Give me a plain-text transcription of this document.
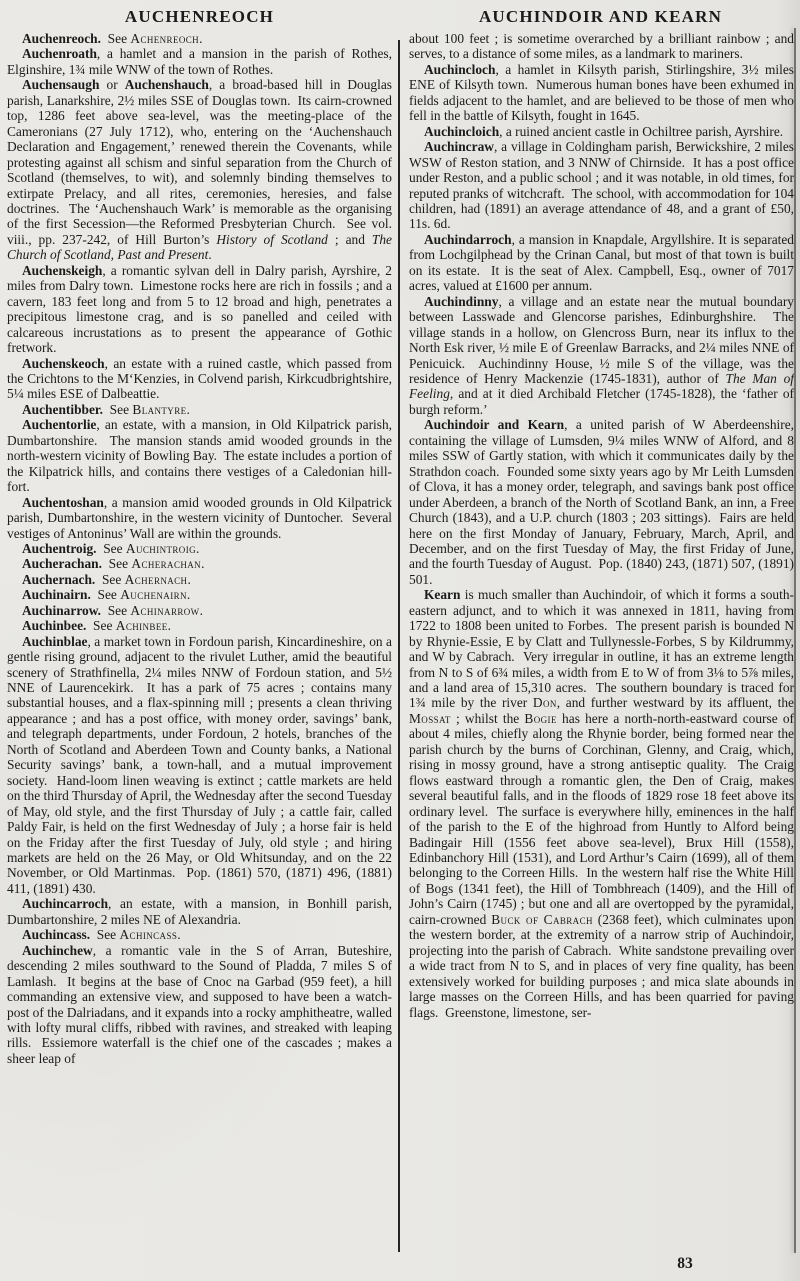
AUCHENREOCH	AUCHINDOIR AND KEARN

Auchenreoch.  See Achenreoch.

Auchenroath, a hamlet and a mansion in the parish of Rothes, Elginshire, 1¾ mile WNW of the town of Rothes.

Auchensaugh or Auchenshauch, a broad-based hill in Douglas parish, Lanarkshire, 2½ miles SSE of Douglas town.  Its cairn-crowned top, 1286 feet above sea-level, was the meeting-place of the Cameronians (27 July 1712), who, entering on the ‘Auchenshauch Declaration and Engagement,’ renewed therein the Covenants, while protesting against all schism and sinful separation from the Church of Scotland (themselves, to wit), and solemnly binding themselves to extirpate Prelacy, and all rites, ceremonies, heresies, and false doctrines.  The ‘Auchenshauch Wark’ is memorable as the organising of the first Secession—the Reformed Presbyterian Church.  See vol. viii., pp. 237-242, of Hill Burton’s History of Scotland ; and The Church of Scotland, Past and Present.

Auchenskeigh, a romantic sylvan dell in Dalry parish, Ayrshire, 2 miles from Dalry town.  Limestone rocks here are rich in fossils ; and a cavern, 183 feet long and from 5 to 12 broad and high, penetrates a precipitous limestone crag, and is so panelled and ceiled with calcareous incrustations as to present the appearance of Gothic fretwork.

Auchenskeoch, an estate with a ruined castle, which passed from the Crichtons to the M‘Kenzies, in Colvend parish, Kirkcudbrightshire, 5¼ miles ESE of Dalbeattie.

Auchentibber.  See Blantyre.

Auchentorlie, an estate, with a mansion, in Old Kilpatrick parish, Dumbartonshire.  The mansion stands amid wooded grounds in the north-western vicinity of Bowling Bay.  The estate includes a portion of the Kilpatrick hills, and contains there vestiges of a Caledonian hill-fort.

Auchentoshan, a mansion amid wooded grounds in Old Kilpatrick parish, Dumbartonshire, in the western vicinity of Duntocher.  Several vestiges of Antoninus’ Wall are within the grounds.

Auchentroig.  See Auchintroig.

Aucherachan.  See Acherachan.

Auchernach.  See Achernach.

Auchinairn.  See Auchenairn.

Auchinarrow.  See Achinarrow.

Auchinbee.  See Achinbee.

Auchinblae, a market town in Fordoun parish, Kincardineshire, on a gentle rising ground, adjacent to the rivulet Luther, amid the beautiful scenery of Strathfinella, 2¼ miles NNW of Fordoun station, and 5½ NNE of Laurencekirk.  It has a park of 75 acres ; contains many substantial houses, and a flax-spinning mill ; presents a clean thriving appearance ; and has a post office, with money order, savings’ bank, and telegraph departments, under Fordoun, 2 hotels, branches of the North of Scotland and Aberdeen Town and County banks, a National Security savings’ bank, a town-hall, and a mutual improvement society.  Hand-loom linen weaving is extinct ; cattle markets are held on the third Thursday of April, the Wednesday after the second Tuesday of May, old style, and the first Thursday of July ; a cattle fair, called Paldy Fair, is held on the first Wednesday of July ; a horse fair is held on the Friday after the first Tuesday of July, old style ; and hiring markets are held on the 26 May, or Old Whitsunday, and on the 22 November, or Old Martinmas.  Pop. (1861) 570, (1871) 496, (1881) 411, (1891) 430.

Auchincarroch, an estate, with a mansion, in Bonhill parish, Dumbartonshire, 2 miles NE of Alexandria.

Auchincass.  See Achincass.

Auchinchew, a romantic vale in the S of Arran, Buteshire, descending 2 miles southward to the Sound of Pladda, 7 miles S of Lamlash.  It begins at the base of Cnoc na Garbad (959 feet), a hill commanding an extensive view, and supposed to have been a watch-post of the Dalriadans, and it expands into a rocky amphitheatre, walled with lofty mural cliffs, ribbed with ravines, and streaked with leaping rills.  Essiemore waterfall is the chief one of the cascades ; makes a sheer leap of

about 100 feet ; is sometime overarched by a brilliant rainbow ; and serves, to a distance of some miles, as a landmark to mariners.

Auchincloch, a hamlet in Kilsyth parish, Stirlingshire, 3½ miles ENE of Kilsyth town.  Numerous human bones have been exhumed in fields adjacent to the hamlet, and are believed to be those of men who fell in the battle of Kilsyth, fought in 1645.

Auchincloich, a ruined ancient castle in Ochiltree parish, Ayrshire.

Auchincraw, a village in Coldingham parish, Berwickshire, 2 miles WSW of Reston station, and 3 NNW of Chirnside.  It has a post office under Reston, and a public school ; and it was notable, in old times, for reputed pranks of witchcraft.  The school, with accommodation for 104 children, had (1891) an average attendance of 48, and a grant of £50, 11s. 6d.

Auchindarroch, a mansion in Knapdale, Argyllshire. It is separated from Lochgilphead by the Crinan Canal, but most of that town is built on its estate.  It is the seat of Alex. Campbell, Esq., owner of 7017 acres, valued at £1600 per annum.

Auchindinny, a village and an estate near the mutual boundary between Lasswade and Glencorse parishes, Edinburghshire.  The village stands in a hollow, on Glencross Burn, near its influx to the North Esk river, ½ mile E of Greenlaw Barracks, and 2¼ miles NNE of Penicuick.  Auchindinny House, ½ mile S of the village, was the residence of Henry Mackenzie (1745-1831), author of The Man of Feeling, and at it died Archibald Fletcher (1745-1828), the ‘father of burgh reform.’

Auchindoir and Kearn, a united parish of W Aberdeenshire, containing the village of Lumsden, 9¼ miles WNW of Alford, and 8 miles SSW of Gartly station, with which it communicates daily by the Strathdon coach.  Founded some sixty years ago by Mr Leith Lumsden of Clova, it has a money order, telegraph, and savings bank post office under Aberdeen, a branch of the North of Scotland Bank, an inn, a Free Church (1843), and a U.P. church (1803 ; 203 sittings).  Fairs are held here on the first Monday of January, February, March, April, and December, and on the first Tuesday of May, the first Friday of June, and the fourth Tuesday of August.  Pop. (1840) 243, (1871) 507, (1891) 501.

Kearn is much smaller than Auchindoir, of which it forms a south-eastern adjunct, and to which it was annexed in 1811, having from 1722 to 1808 been united to Forbes.  The present parish is bounded N by Rhynie-Essie, E by Clatt and Tullynessle-Forbes, S by Kildrummy, and W by Cabrach.  Very irregular in outline, it has an extreme length from N to S of 6¾ miles, a width from E to W of from 3⅛ to 5⅞ miles, and a land area of 15,310 acres.  The southern boundary is traced for 1¾ mile by the river Don, and further westward by its affluent, the Mossat ; whilst the Bogie has here a north-north-eastward course of about 4 miles, chiefly along the Rhynie border, being formed near the parish church by the burns of Corchinan, Glenny, and Craig, which, rising in mossy ground, have a strong antiseptic quality.  The Craig flows eastward through a romantic glen, the Den of Craig, makes several beautiful falls, and in the floods of 1829 rose 18 feet above its ordinary level.  The surface is everywhere hilly, eminences in the half of the parish to the E of the highroad from Huntly to Alford being Badingair Hill (1556 feet above sea-level), Brux Hill (1558), Edinbanchory Hill (1531), and Lord Arthur’s Cairn (1699), all of them belonging to the Correen Hills.  In the western half rise the White Hill of Bogs (1341 feet), the Hill of Tombhreach (1409), and the Hill of John’s Cairn (1745) ; but one and all are overtopped by the pyramidal, cairn-crowned Buck of Cabrach (2368 feet), which culminates upon the western border, at the extremity of a narrow strip of Auchindoir, projecting into the parish of Cabrach.  White sandstone prevailing over a wide tract from N to S, and in places of very fine quality, has been extensively worked for building purposes ; and mica slate abounds in large masses on the Correen Hills, and has been quarried for paving flags.  Greenstone, limestone, ser-

83
